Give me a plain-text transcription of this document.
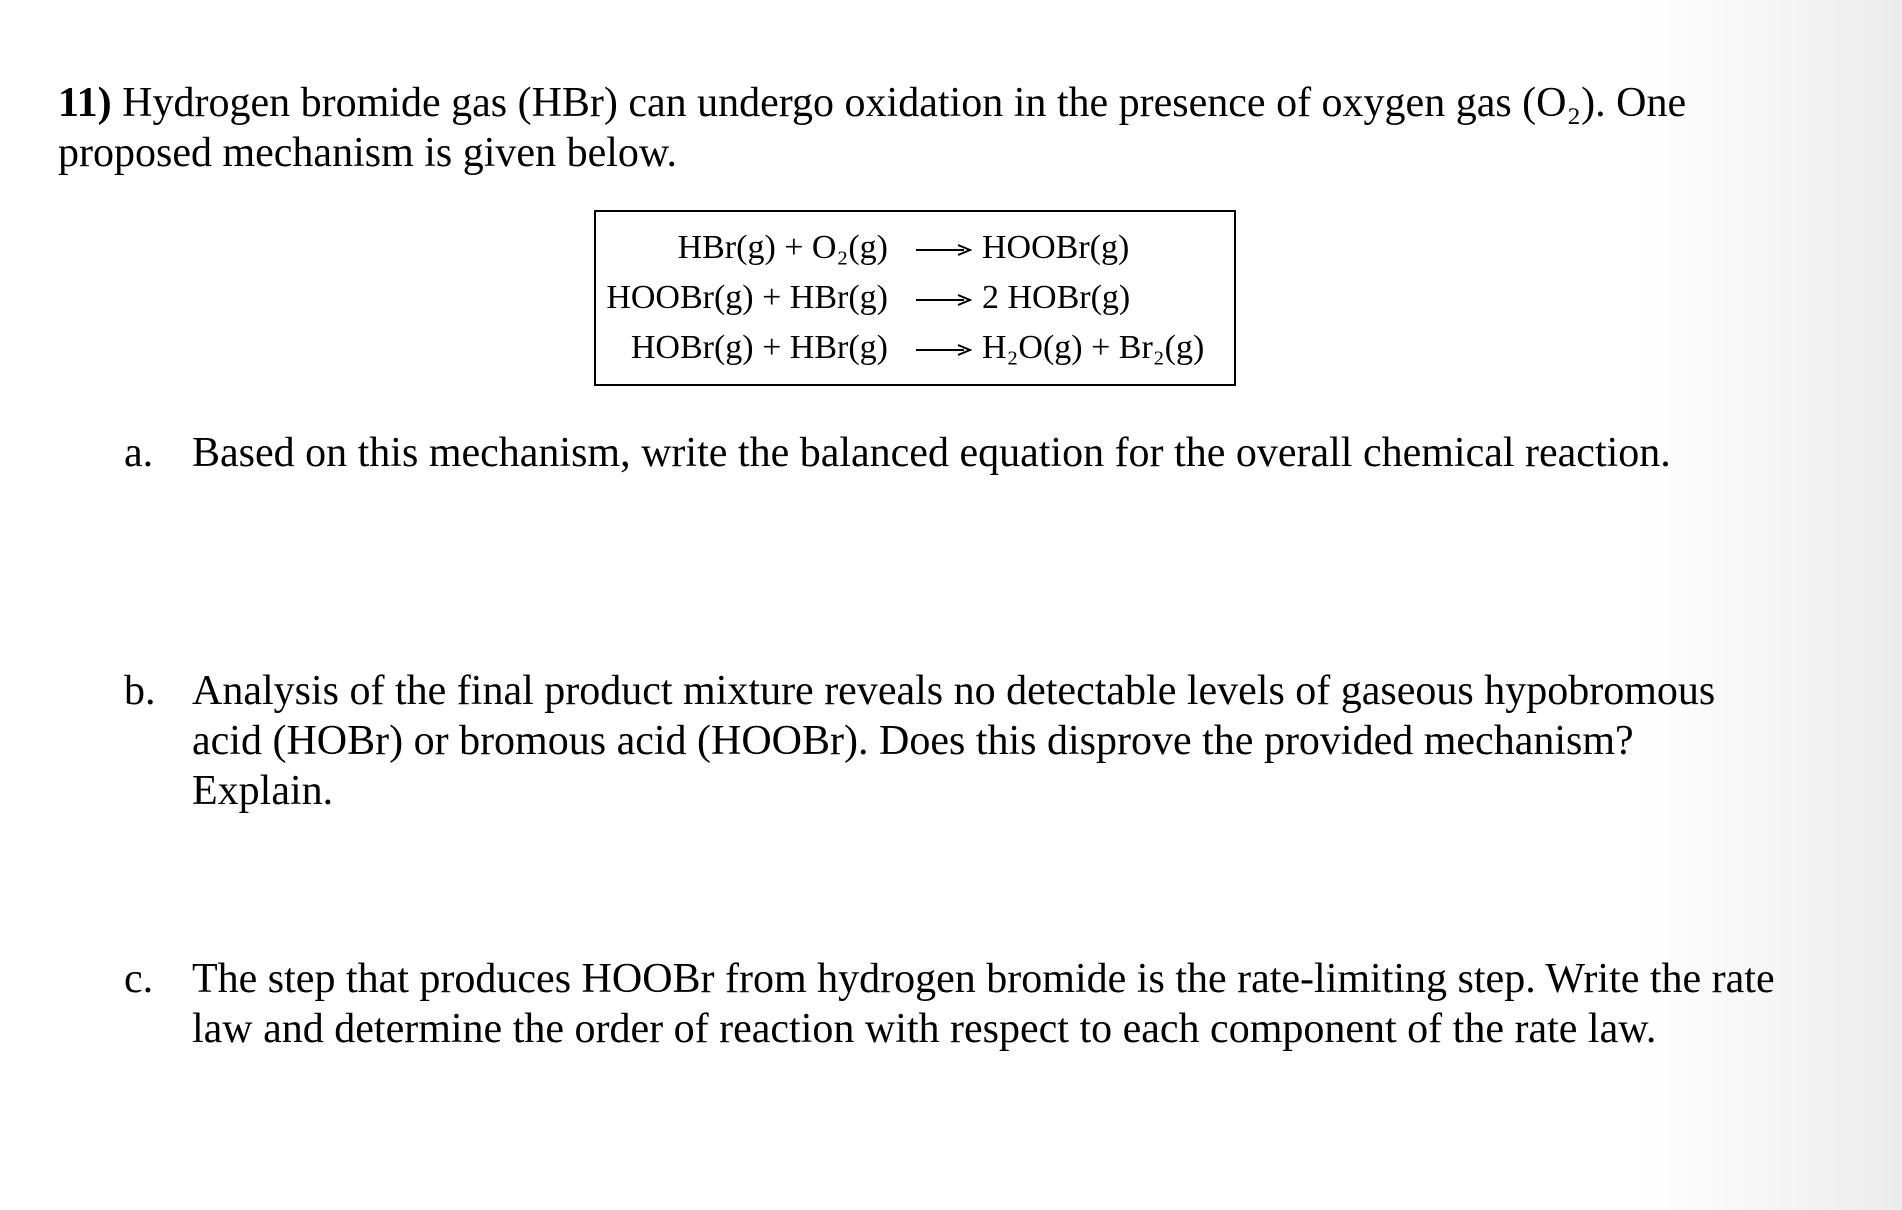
11) Hydrogen bromide gas (HBr) can undergo oxidation in the presence of oxygen gas (O₂). One proposed mechanism is given below.
HBr(g) + O₂(g) → HOOBr(g)
HOOBr(g) + HBr(g) → 2 HOBr(g)
HOBr(g) + HBr(g) → H₂O(g) + Br₂(g)
a. Based on this mechanism, write the balanced equation for the overall chemical reaction.
b. Analysis of the final product mixture reveals no detectable levels of gaseous hypobromous acid (HOBr) or bromous acid (HOOBr). Does this disprove the provided mechanism? Explain.
c. The step that produces HOOBr from hydrogen bromide is the rate-limiting step. Write the rate law and determine the order of reaction with respect to each component of the rate law.
